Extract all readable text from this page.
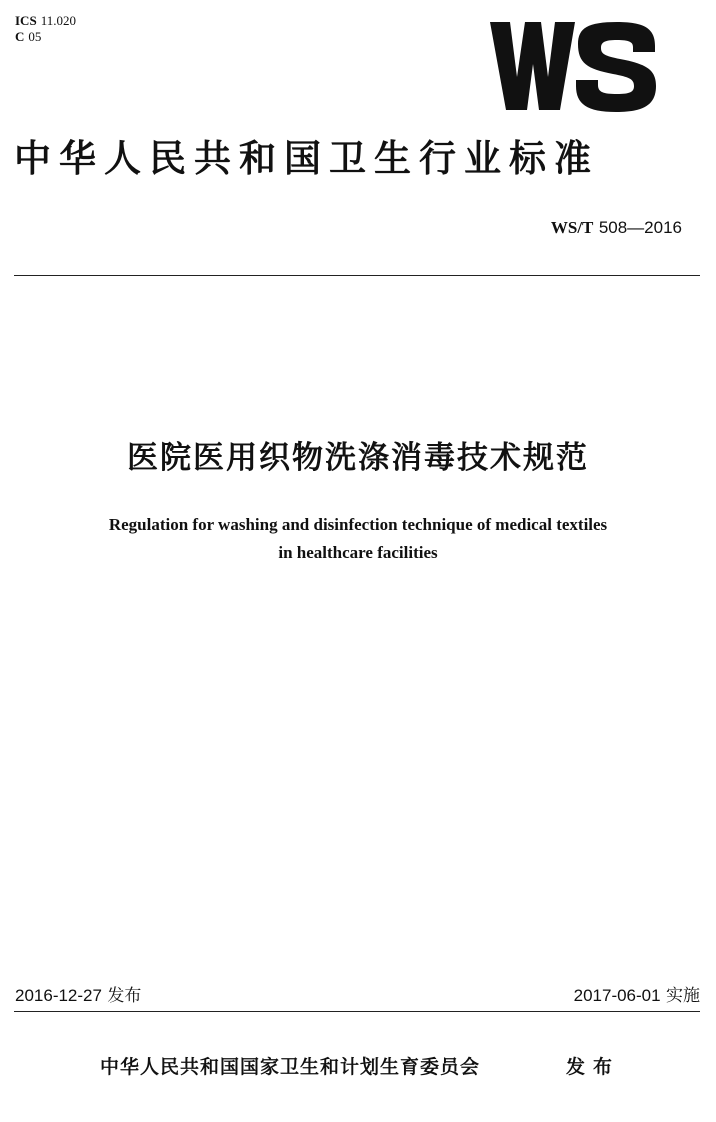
ICS 11.020
C 05
中华人民共和国卫生行业标准
WS/T 508—2016
医院医用织物洗涤消毒技术规范
Regulation for washing and disinfection technique of medical textiles
in healthcare facilities
2016-12-27 发布	2017-06-01 实施
中华人民共和国国家卫生和计划生育委员会	发布
